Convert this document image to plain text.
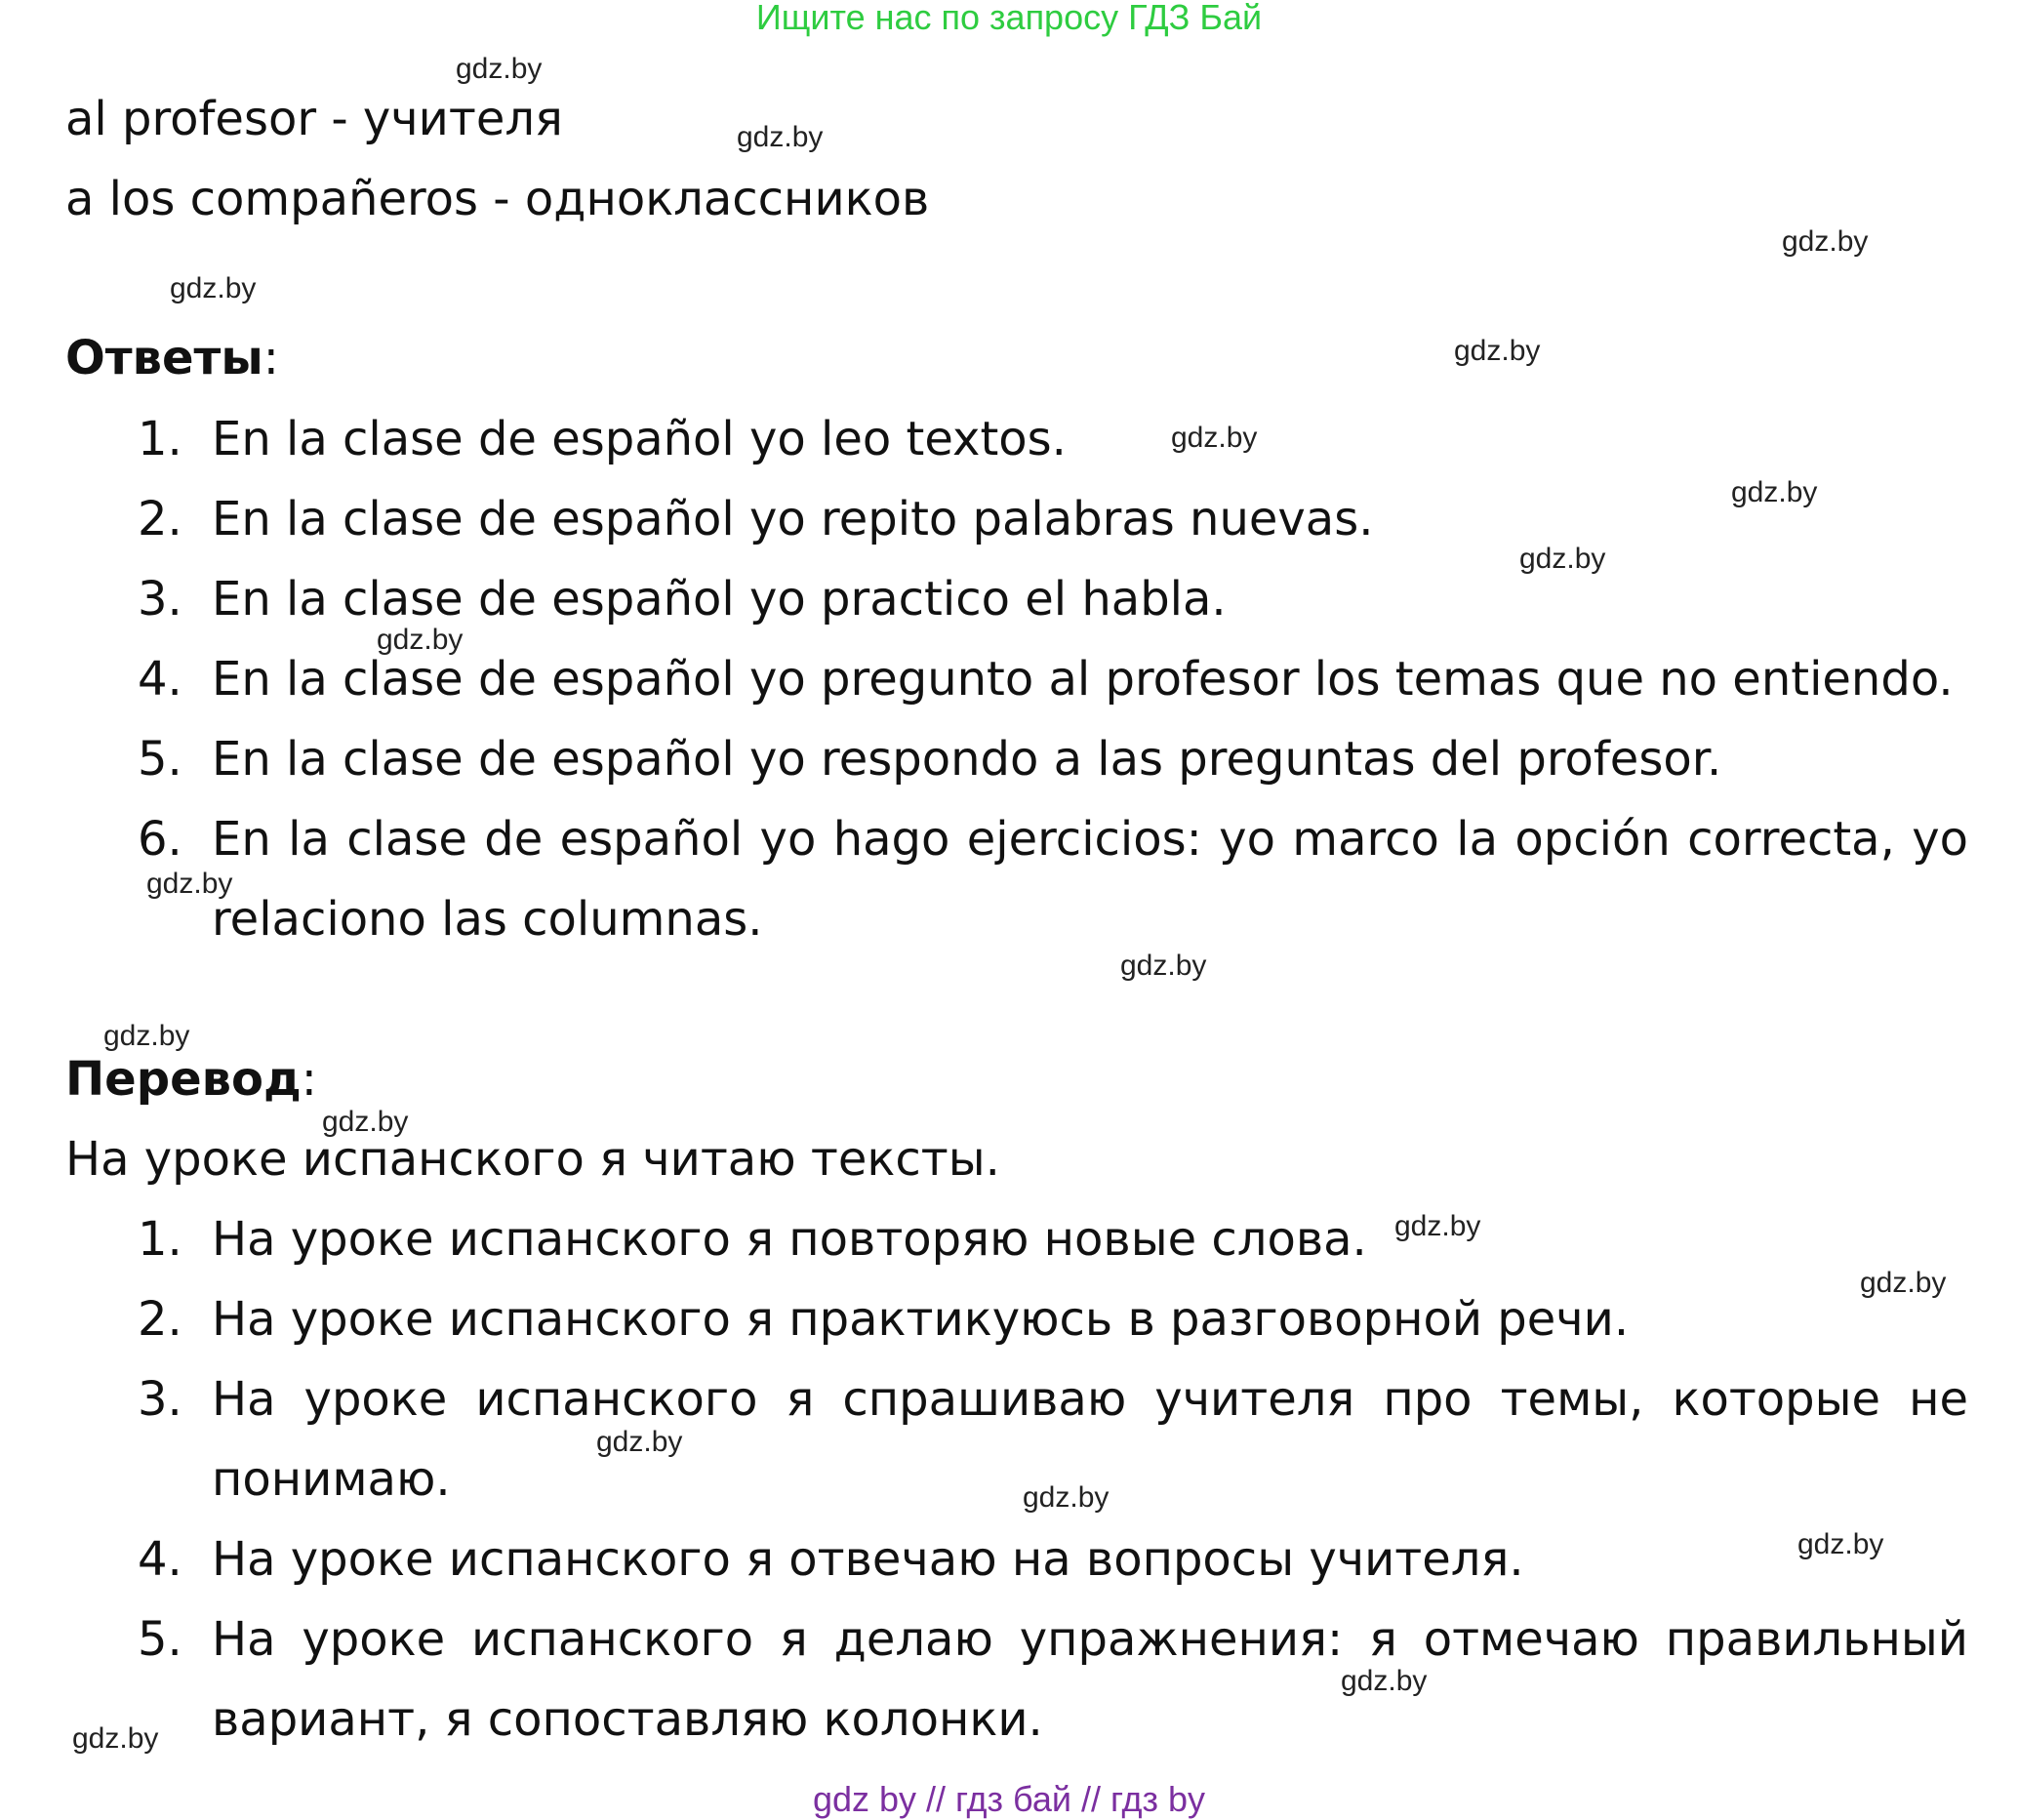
Ищите нас по запросу ГДЗ Бай
al profesor - учителя
a los compañeros - одноклассников
Ответы:
1. En la clase de español yo leo textos.
2. En la clase de español yo repito palabras nuevas.
3. En la clase de español yo practico el habla.
4. En la clase de español yo pregunto al profesor los temas que no entiendo.
5. En la clase de español yo respondo a las preguntas del profesor.
6. En la clase de español yo hago ejercicios: yo marco la opción correcta, yo
relaciono las columnas.
Перевод:
На уроке испанского я читаю тексты.
1. На уроке испанского я повторяю новые слова.
2. На уроке испанского я практикуюсь в разговорной речи.
3. На уроке испанского я спрашиваю учителя про темы, которые не
понимаю.
4. На уроке испанского я отвечаю на вопросы учителя.
5. На уроке испанского я делаю упражнения: я отмечаю правильный
вариант, я сопоставляю колонки.
gdz.by
gdz.by
gdz.by
gdz.by
gdz.by
gdz.by
gdz.by
gdz.by
gdz.by
gdz.by
gdz.by
gdz.by
gdz.by
gdz.by
gdz.by
gdz.by
gdz.by
gdz.by
gdz.by
gdz.by
gdz by // гдз бай // гдз by
